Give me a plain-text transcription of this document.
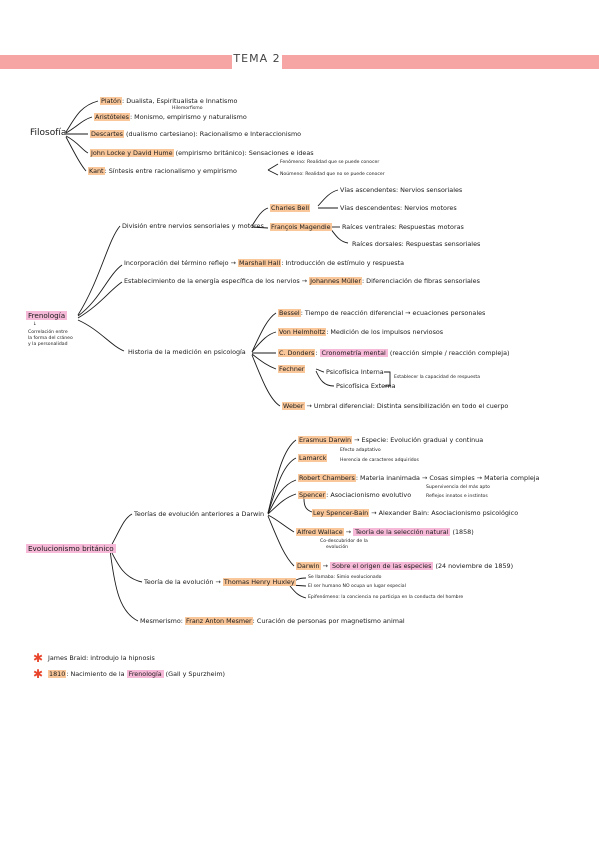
TEMA 2
Filosofía
Platón: Dualista, Espiritualista e Innatismo
Hilemorfismo
Aristóteles: Monismo, empirismo y naturalismo
Descartes (dualismo cartesiano): Racionalismo e Interaccionismo
John Locke y David Hume (empirismo británico): Sensaciones e ideas
Kant: Síntesis entre racionalismo y empirismo
Fenómeno: Realidad que se puede conocer
Noúmeno: Realidad que no se puede conocer
Frenología
↓
Correlación entre
la forma del cráneo
y la personalidad
División entre nervios sensoriales y motores
Charles Bell
Vías ascendentes: Nervios sensoriales
Vías descendentes: Nervios motores
François Magendie Raíces ventrales: Respuestas motoras
Raíces dorsales: Respuestas sensoriales
Incorporación del término reflejo → Marshall Hall: Introducción de estímulo y respuesta
Establecimiento de la energía específica de los nervios → Johannes Müller: Diferenciación de fibras sensoriales
Historia de la medición en psicología
Bessel: Tiempo de reacción diferencial → ecuaciones personales
Von Helmholtz: Medición de los impulsos nerviosos
C. Donders: Cronometría mental (reacción simple / reacción compleja)
Fechner	Psicofísica Interna
Psicofísica Externa
Establecer la capacidad de respuesta
Weber → Umbral diferencial: Distinta sensibilización en todo el cuerpo
Evolucionismo británico
Teorías de evolución anteriores a Darwin
Erasmus Darwin → Especie: Evolución gradual y continua
Lamarck
Efecto adaptativo
Herencia de caracteres adquiridos
Robert Chambers: Materia inanimada → Cosas simples → Materia compleja
Spencer: Asociacionismo evolutivo
Supervivencia del más apto
Reflejos innatos e instintos
Ley Spencer-Bain → Alexander Bain: Asociacionismo psicológico
Alfred Wallace → Teoría de la selección natural (1858)
Co-descubridor de la
evolución
Darwin → Sobre el origen de las especies (24 noviembre de 1859)
Teoría de la evolución → Thomas Henry Huxley
Se llamaba: Simio evolucionado
El ser humano NO ocupa un lugar especial
Epifenómeno: la conciencia no participa en la conducta del hombre
Mesmerismo: Franz Anton Mesmer: Curación de personas por magnetismo animal
✱ James Braid: introdujo la hipnosis
✱ 1810: Nacimiento de la Frenología (Gall y Spurzheim)
